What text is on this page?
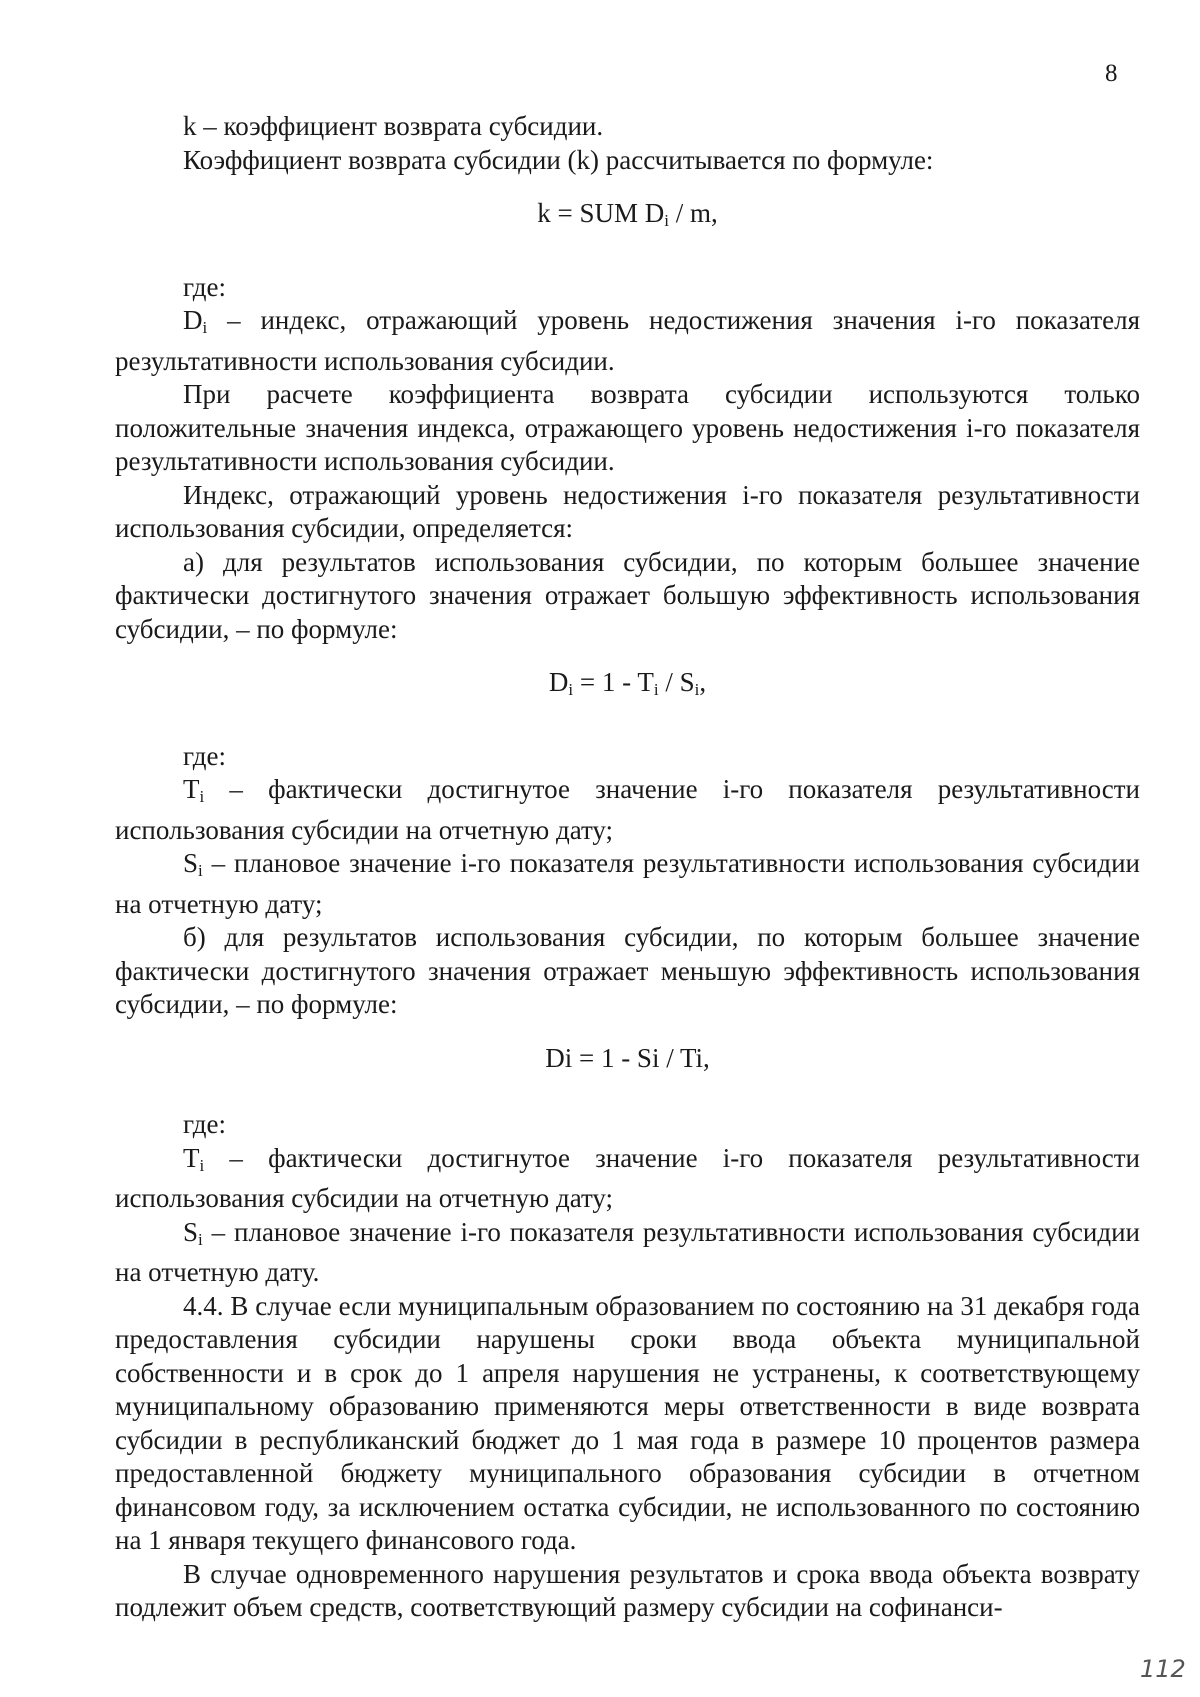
8

k – коэффициент возврата субсидии.

Коэффициент возврата субсидии (k) рассчитывается по формуле:

k = SUM $D_i$ / m,

где:

$D_i$ – индекс, отражающий уровень недостижения значения i-го показателя результативности использования субсидии.

При расчете коэффициента возврата субсидии используются только положительные значения индекса, отражающего уровень недостижения i-го показателя результативности использования субсидии.

Индекс, отражающий уровень недостижения i-го показателя результативности использования субсидии, определяется:

а) для результатов использования субсидии, по которым большее значение фактически достигнутого значения отражает большую эффективность использования субсидии, – по формуле:

$D_i = 1 - T_i / S_i$,

где:

Ti – фактически достигнутое значение i-го показателя результативности использования субсидии на отчетную дату;

Si – плановое значение i-го показателя результативности использования субсидии на отчетную дату;

б) для результатов использования субсидии, по которым большее значение фактически достигнутого значения отражает меньшую эффективность использования субсидии, – по формуле:

Di = 1 - Si / Ti,

где:

Ti – фактически достигнутое значение i-го показателя результативности использования субсидии на отчетную дату;

Si – плановое значение i-го показателя результативности использования субсидии на отчетную дату.

4.4. В случае если муниципальным образованием по состоянию на 31 декабря года предоставления субсидии нарушены сроки ввода объекта муниципальной собственности и в срок до 1 апреля нарушения не устранены, к соответствующему муниципальному образованию применяются меры ответственности в виде возврата субсидии в республиканский бюджет до 1 мая года в размере 10 процентов размера предоставленной бюджету муниципального образования субсидии в отчетном финансовом году, за исключением остатка субсидии, не использованного по состоянию на 1 января текущего финансового года.

В случае одновременного нарушения результатов и срока ввода объекта возврату подлежит объем средств, соответствующий размеру субсидии на софинанси-

112
